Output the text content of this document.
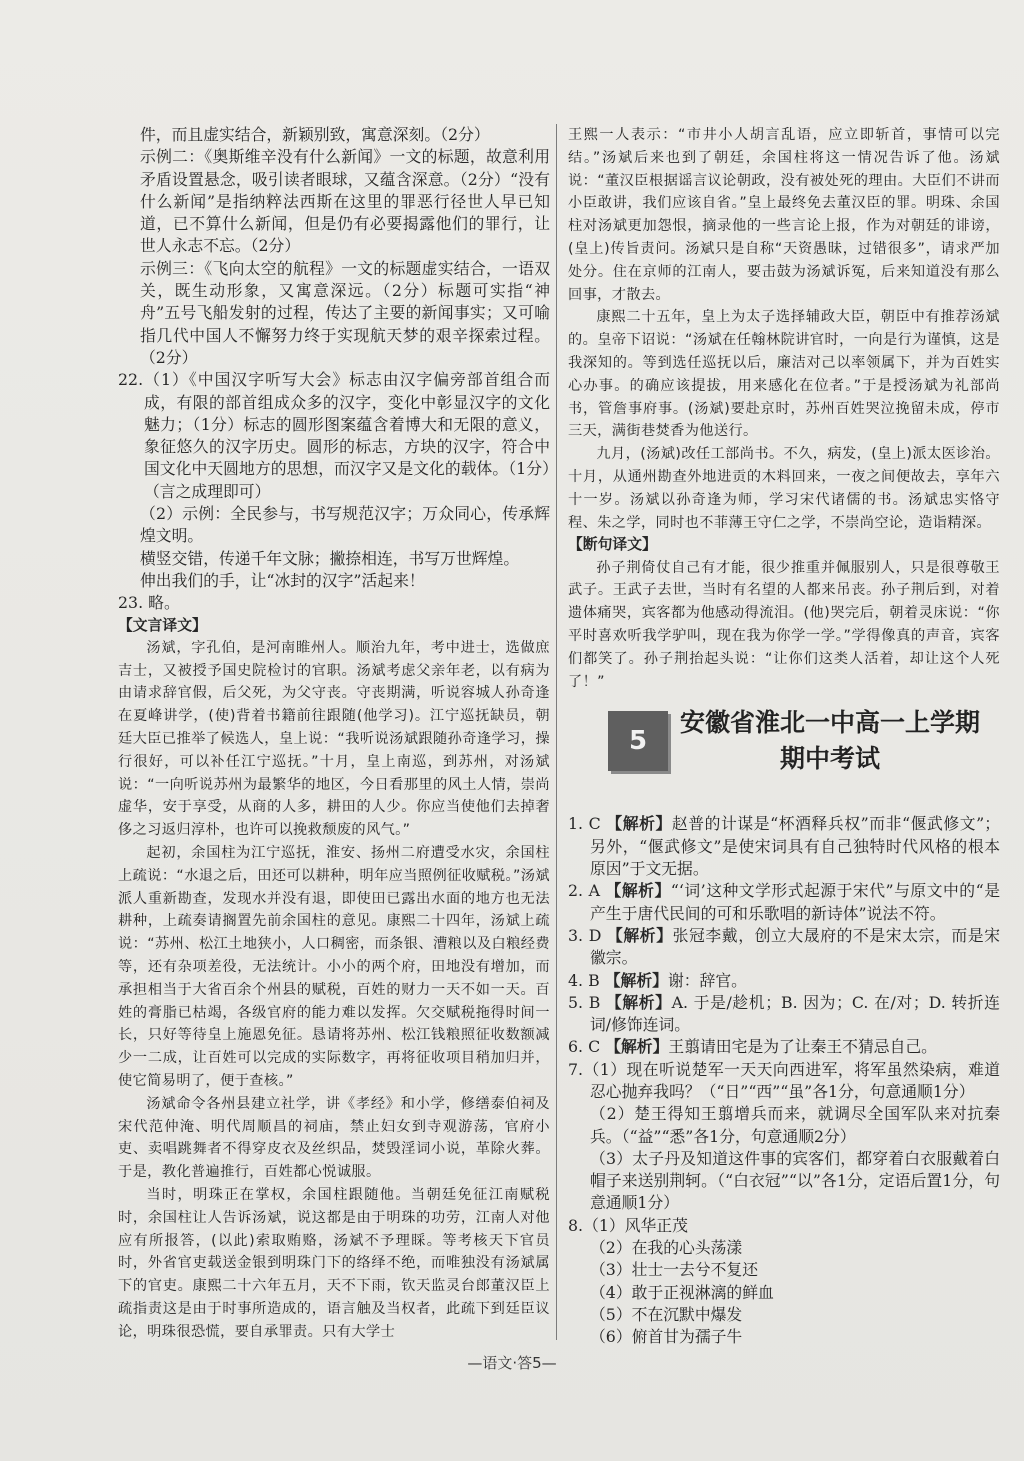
件，而且虚实结合，新颖别致，寓意深刻。（2分）

示例二：《奥斯维辛没有什么新闻》一文的标题，故意利用矛盾设置悬念，吸引读者眼球，又蕴含深意。（2分）“没有什么新闻”是指纳粹法西斯在这里的罪恶行径世人早已知道，已不算什么新闻，但是仍有必要揭露他们的罪行，让世人永志不忘。（2分）

示例三：《飞向太空的航程》一文的标题虚实结合，一语双关，既生动形象，又寓意深远。（2分）标题可实指“神舟”五号飞船发射的过程，传达了主要的新闻事实；又可喻指几代中国人不懈努力终于实现航天梦的艰辛探索过程。（2分）

22.（1）《中国汉字听写大会》标志由汉字偏旁部首组合而成，有限的部首组成众多的汉字，变化中彰显汉字的文化魅力；（1分）标志的圆形图案蕴含着博大和无限的意义，象征悠久的汉字历史。圆形的标志，方块的汉字，符合中国文化中天圆地方的思想，而汉字又是文化的载体。（1分）（言之成理即可）

（2）示例：全民参与，书写规范汉字；万众同心，传承辉煌文明。

横竖交错，传递千年文脉；撇捺相连，书写万世辉煌。

伸出我们的手，让“冰封的汉字”活起来！

23. 略。

【文言译文】

汤斌，字孔伯，是河南睢州人。顺治九年，考中进士，选做庶吉士，又被授予国史院检讨的官职。汤斌考虑父亲年老，以有病为由请求辞官假，后父死，为父守丧。守丧期满，听说容城人孙奇逢在夏峰讲学，(使)背着书籍前往跟随(他学习)。江宁巡抚缺员，朝廷大臣已推举了候选人，皇上说：“我听说汤斌跟随孙奇逢学习，操行很好，可以补任江宁巡抚。”十月，皇上南巡，到苏州，对汤斌说：“一向听说苏州为最繁华的地区，今日看那里的风土人情，崇尚虚华，安于享受，从商的人多，耕田的人少。你应当使他们去掉奢侈之习返归淳朴，也许可以挽救颓废的风气。”

起初，余国柱为江宁巡抚，淮安、扬州二府遭受水灾，余国柱上疏说：“水退之后，田还可以耕种，明年应当照例征收赋税。”汤斌派人重新勘查，发现水并没有退，即使田已露出水面的地方也无法耕种，上疏奏请搁置先前余国柱的意见。康熙二十四年，汤斌上疏说：“苏州、松江土地狭小，人口稠密，而条银、漕粮以及白粮经费等，还有杂项差役，无法统计。小小的两个府，田地没有增加，而承担相当于大省百余个州县的赋税，百姓的财力一天不如一天。百姓的膏脂已枯竭，各级官府的能力难以发挥。欠交赋税拖得时间一长，只好等待皇上施恩免征。恳请将苏州、松江钱粮照征收数额减少一二成，让百姓可以完成的实际数字，再将征收项目稍加归并，使它简易明了，便于查核。”

汤斌命令各州县建立社学，讲《孝经》和小学，修缮泰伯祠及宋代范仲淹、明代周顺昌的祠庙，禁止妇女到寺观游荡，官府小吏、卖唱跳舞者不得穿皮衣及丝织品，焚毁淫词小说，革除火葬。于是，教化普遍推行，百姓都心悦诚服。

当时，明珠正在掌权，余国柱跟随他。当朝廷免征江南赋税时，余国柱让人告诉汤斌，说这都是由于明珠的功劳，江南人对他应有所报答，(以此)索取贿赂，汤斌不予理睬。等考核天下官员时，外省官吏载送金银到明珠门下的络绎不绝，而唯独没有汤斌属下的官吏。康熙二十六年五月，天不下雨，钦天监灵台郎董汉臣上疏指责这是由于时事所造成的，语言触及当权者，此疏下到廷臣议论，明珠很恐慌，要自承罪责。只有大学士

王熙一人表示：“市井小人胡言乱语，应立即斩首，事情可以完结。”汤斌后来也到了朝廷，余国柱将这一情况告诉了他。汤斌说：“董汉臣根据谣言议论朝政，没有被处死的理由。大臣们不讲而小臣敢讲，我们应该自省。”皇上最终免去董汉臣的罪。明珠、余国柱对汤斌更加怨恨，摘录他的一些言论上报，作为对朝廷的诽谤，(皇上)传旨责问。汤斌只是自称“天资愚昧，过错很多”，请求严加处分。住在京师的江南人，要击鼓为汤斌诉冤，后来知道没有那么回事，才散去。

康熙二十五年，皇上为太子选择辅政大臣，朝臣中有推荐汤斌的。皇帝下诏说：“汤斌在任翰林院讲官时，一向是行为谨慎，这是我深知的。等到选任巡抚以后，廉洁对己以率领属下，并为百姓实心办事。的确应该提拔，用来感化在位者。”于是授汤斌为礼部尚书，管詹事府事。(汤斌)要赴京时，苏州百姓哭泣挽留未成，停市三天，满街巷焚香为他送行。

九月，(汤斌)改任工部尚书。不久，病发，(皇上)派太医诊治。十月，从通州勘查外地进贡的木料回来，一夜之间便故去，享年六十一岁。汤斌以孙奇逢为师，学习宋代诸儒的书。汤斌忠实恪守程、朱之学，同时也不菲薄王守仁之学，不崇尚空论，造诣精深。

【断句译文】

孙子荆倚仗自己有才能，很少推重并佩服别人，只是很尊敬王武子。王武子去世，当时有名望的人都来吊丧。孙子荆后到，对着遗体痛哭，宾客都为他感动得流泪。(他)哭完后，朝着灵床说：“你平时喜欢听我学驴叫，现在我为你学一学。”学得像真的声音，宾客们都笑了。孙子荆抬起头说：“让你们这类人活着，却让这个人死了！”

5
安徽省淮北一中高一上学期
期中考试

1. C 【解析】赵普的计谋是“杯酒释兵权”而非“偃武修文”；另外，“偃武修文”是使宋词具有自己独特时代风格的根本原因”于文无据。

2. A 【解析】“‘词’这种文学形式起源于宋代”与原文中的“是产生于唐代民间的可和乐歌唱的新诗体”说法不符。

3. D 【解析】张冠李戴，创立大晟府的不是宋太宗，而是宋徽宗。

4. B 【解析】谢：辞官。

5. B 【解析】A. 于是/趁机；B. 因为；C. 在/对；D. 转折连词/修饰连词。

6. C 【解析】王翦请田宅是为了让秦王不猜忌自己。

7.（1）现在听说楚军一天天向西进军，将军虽然染病，难道忍心抛弃我吗？（“日”“西”“虽”各1分，句意通顺1分）

（2）楚王得知王翦增兵而来，就调尽全国军队来对抗秦兵。（“益”“悉”各1分，句意通顺2分）

（3）太子丹及知道这件事的宾客们，都穿着白衣服戴着白帽子来送别荆轲。（“白衣冠”“以”各1分，定语后置1分，句意通顺1分）

8.（1）风华正茂

（2）在我的心头荡漾

（3）壮士一去兮不复还

（4）敢于正视淋漓的鲜血

（5）不在沉默中爆发

（6）俯首甘为孺子牛

—语文·答5—
